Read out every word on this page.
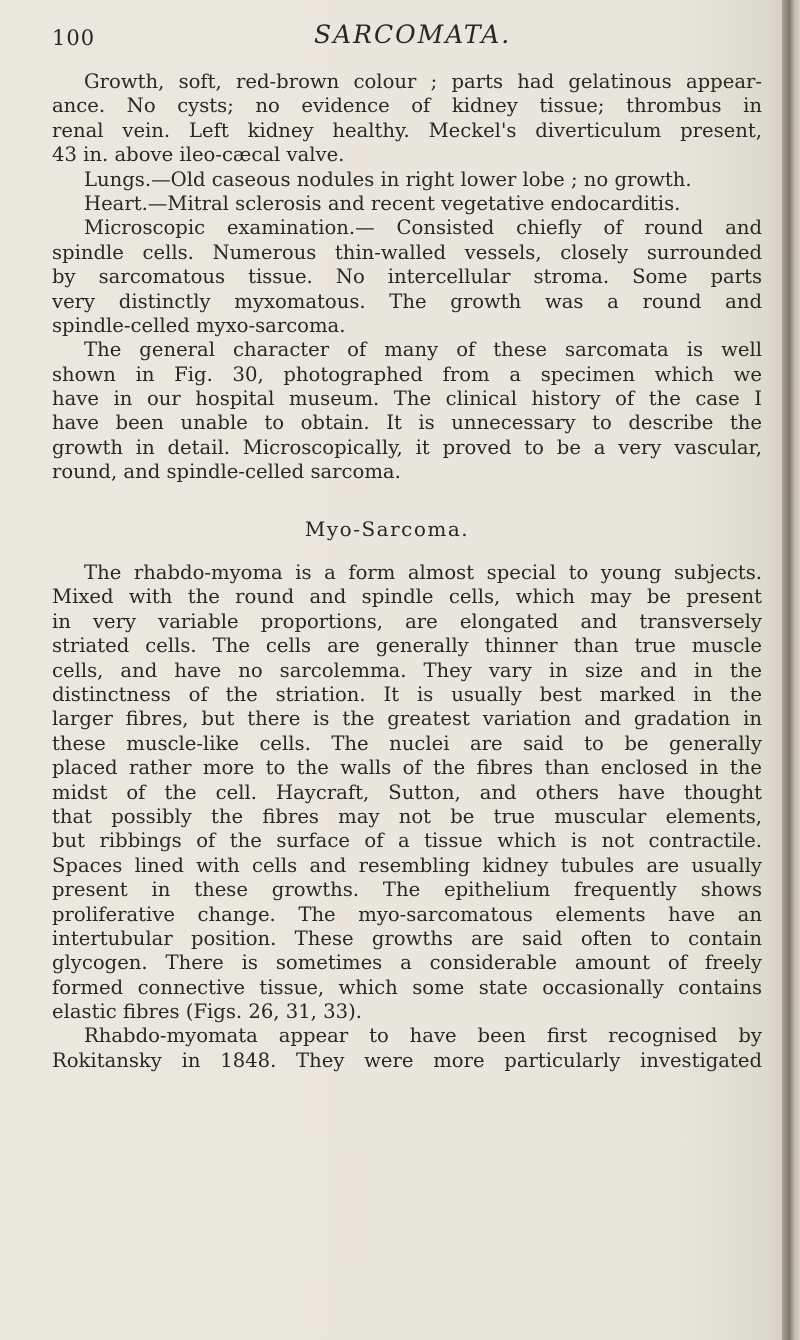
100	SARCOMATA.
Growth, soft, red-brown colour ; parts had gelatinous appear-
ance. No cysts; no evidence of kidney tissue; thrombus in
renal vein. Left kidney healthy. Meckel's diverticulum present,
43 in. above ileo-cæcal valve.
Lungs.—Old caseous nodules in right lower lobe ; no growth.
Heart.—Mitral sclerosis and recent vegetative endocarditis.
Microscopic examination.— Consisted chiefly of round and
spindle cells. Numerous thin-walled vessels, closely surrounded
by sarcomatous tissue. No intercellular stroma. Some parts
very distinctly myxomatous. The growth was a round and
spindle-celled myxo-sarcoma.
The general character of many of these sarcomata is well
shown in Fig. 30, photographed from a specimen which we
have in our hospital museum. The clinical history of the case I
have been unable to obtain. It is unnecessary to describe the
growth in detail. Microscopically, it proved to be a very vascular,
round, and spindle-celled sarcoma.
Myo-Sarcoma.
The rhabdo-myoma is a form almost special to young subjects.
Mixed with the round and spindle cells, which may be present
in very variable proportions, are elongated and transversely
striated cells. The cells are generally thinner than true muscle
cells, and have no sarcolemma. They vary in size and in the
distinctness of the striation. It is usually best marked in the
larger fibres, but there is the greatest variation and gradation in
these muscle-like cells. The nuclei are said to be generally
placed rather more to the walls of the fibres than enclosed in the
midst of the cell. Haycraft, Sutton, and others have thought
that possibly the fibres may not be true muscular elements,
but ribbings of the surface of a tissue which is not contractile.
Spaces lined with cells and resembling kidney tubules are usually
present in these growths. The epithelium frequently shows
proliferative change. The myo-sarcomatous elements have an
intertubular position. These growths are said often to contain
glycogen. There is sometimes a considerable amount of freely
formed connective tissue, which some state occasionally contains
elastic fibres (Figs. 26, 31, 33).
Rhabdo-myomata appear to have been first recognised by
Rokitansky in 1848. They were more particularly investigated
